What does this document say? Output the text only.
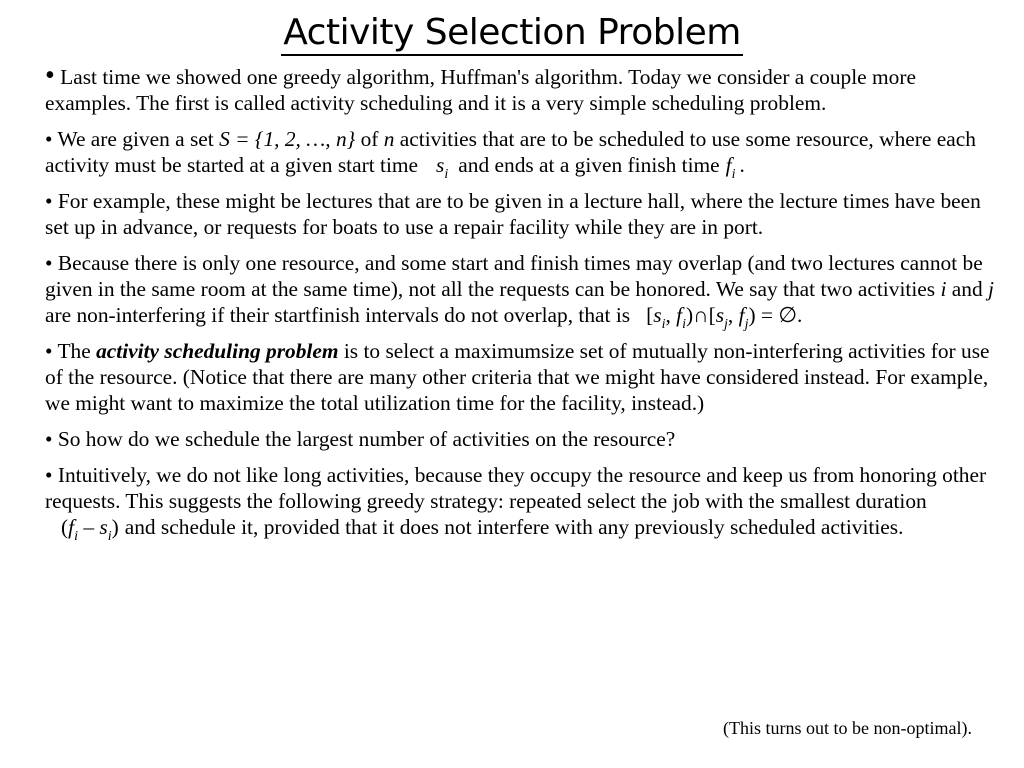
Activity Selection Problem

• Last time we showed one greedy algorithm, Huffman's algorithm. Today we consider a couple more examples. The first is called activity scheduling and it is a very simple scheduling problem.

• We are given a set S = {1, 2, …, n} of n activities that are to be scheduled to use some resource, where each activity must be started at a given start time $s_i$ and ends at a given finish time $f_i$ .

• For example, these might be lectures that are to be given in a lecture hall, where the lecture times have been set up in advance, or requests for boats to use a repair facility while they are in port.

• Because there is only one resource, and some start and finish times may overlap (and two lectures cannot be given in the same room at the same time), not all the requests can be honored. We say that two activities i and j are non-interfering if their startfinish intervals do not overlap, that is [$s_i$, $f_i)\cap[s_j$, $f_j$) = ∅.

• The activity scheduling problem is to select a maximumsize set of mutually non-interfering activities for use of the resource. (Notice that there are many other criteria that we might have considered instead. For example, we might want to maximize the total utilization time for the facility, instead.)

• So how do we schedule the largest number of activities on the resource?

• Intuitively, we do not like long activities, because they occupy the resource and keep us from honoring other requests. This suggests the following greedy strategy: repeated select the job with the smallest $duration(f_i - s_i)$ and schedule it, provided that it does not interfere with any previously scheduled activities.

(This turns out to be non-optimal).
